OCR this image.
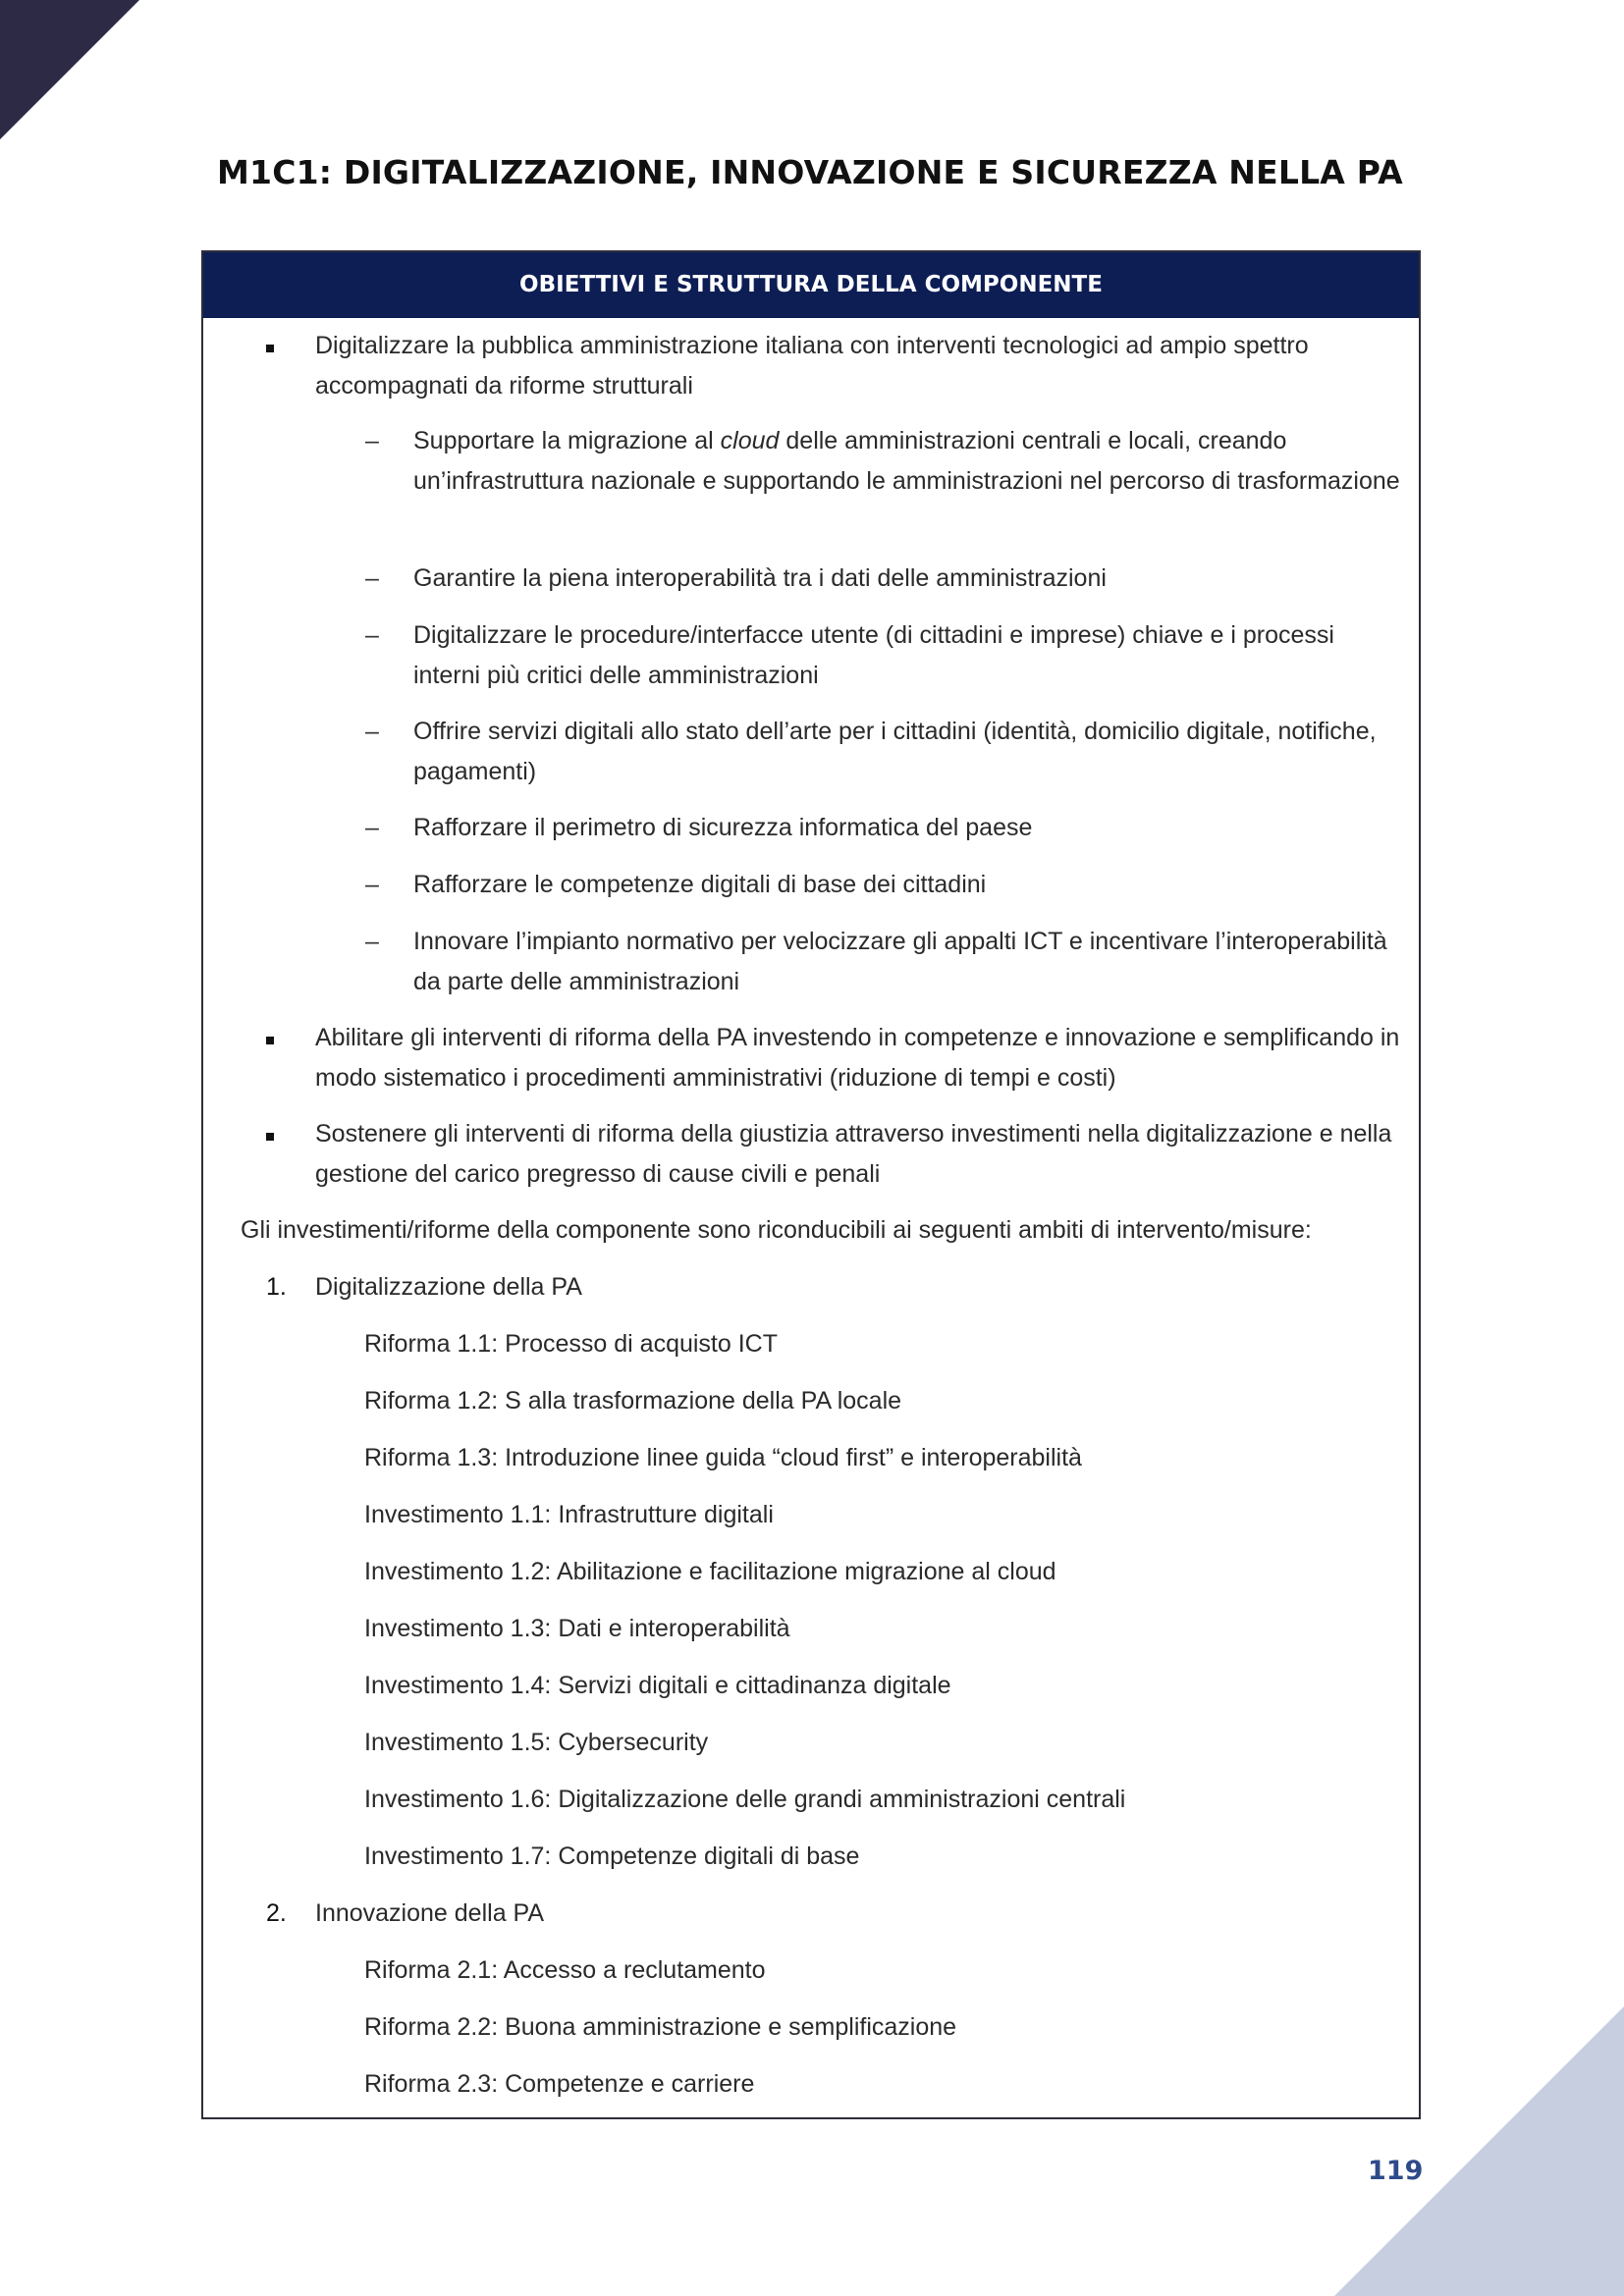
M1C1: DIGITALIZZAZIONE, INNOVAZIONE E SICUREZZA NELLA PA
OBIETTIVI E STRUTTURA DELLA COMPONENTE

Digitalizzare la pubblica amministrazione italiana con interventi tecnologici ad ampio spettro accompagnati da riforme strutturali

– Supportare la migrazione al cloud delle amministrazioni centrali e locali, creando un’infrastruttura nazionale e supportando le amministrazioni nel percorso di trasformazione

– Garantire la piena interoperabilità tra i dati delle amministrazioni

– Digitalizzare le procedure/interfacce utente (di cittadini e imprese) chiave e i processi interni più critici delle amministrazioni

– Offrire servizi digitali allo stato dell’arte per i cittadini (identità, domicilio digitale, notifiche, pagamenti)

– Rafforzare il perimetro di sicurezza informatica del paese

– Rafforzare le competenze digitali di base dei cittadini

– Innovare l’impianto normativo per velocizzare gli appalti ICT e incentivare l’interoperabilità da parte delle amministrazioni

Abilitare gli interventi di riforma della PA investendo in competenze e innovazione e semplificando in modo sistematico i procedimenti amministrativi (riduzione di tempi e costi)

Sostenere gli interventi di riforma della giustizia attraverso investimenti nella digitalizzazione e nella gestione del carico pregresso di cause civili e penali

Gli investimenti/riforme della componente sono riconducibili ai seguenti ambiti di intervento/misure:

1. Digitalizzazione della PA

Riforma 1.1: Processo di acquisto ICT

Riforma 1.2: S alla trasformazione della PA locale

Riforma 1.3: Introduzione linee guida “cloud first” e interoperabilità

Investimento 1.1: Infrastrutture digitali

Investimento 1.2: Abilitazione e facilitazione migrazione al cloud

Investimento 1.3: Dati e interoperabilità

Investimento 1.4: Servizi digitali e cittadinanza digitale

Investimento 1.5: Cybersecurity

Investimento 1.6: Digitalizzazione delle grandi amministrazioni centrali

Investimento 1.7: Competenze digitali di base

2. Innovazione della PA

Riforma 2.1: Accesso a reclutamento

Riforma 2.2: Buona amministrazione e semplificazione

Riforma 2.3: Competenze e carriere

119
